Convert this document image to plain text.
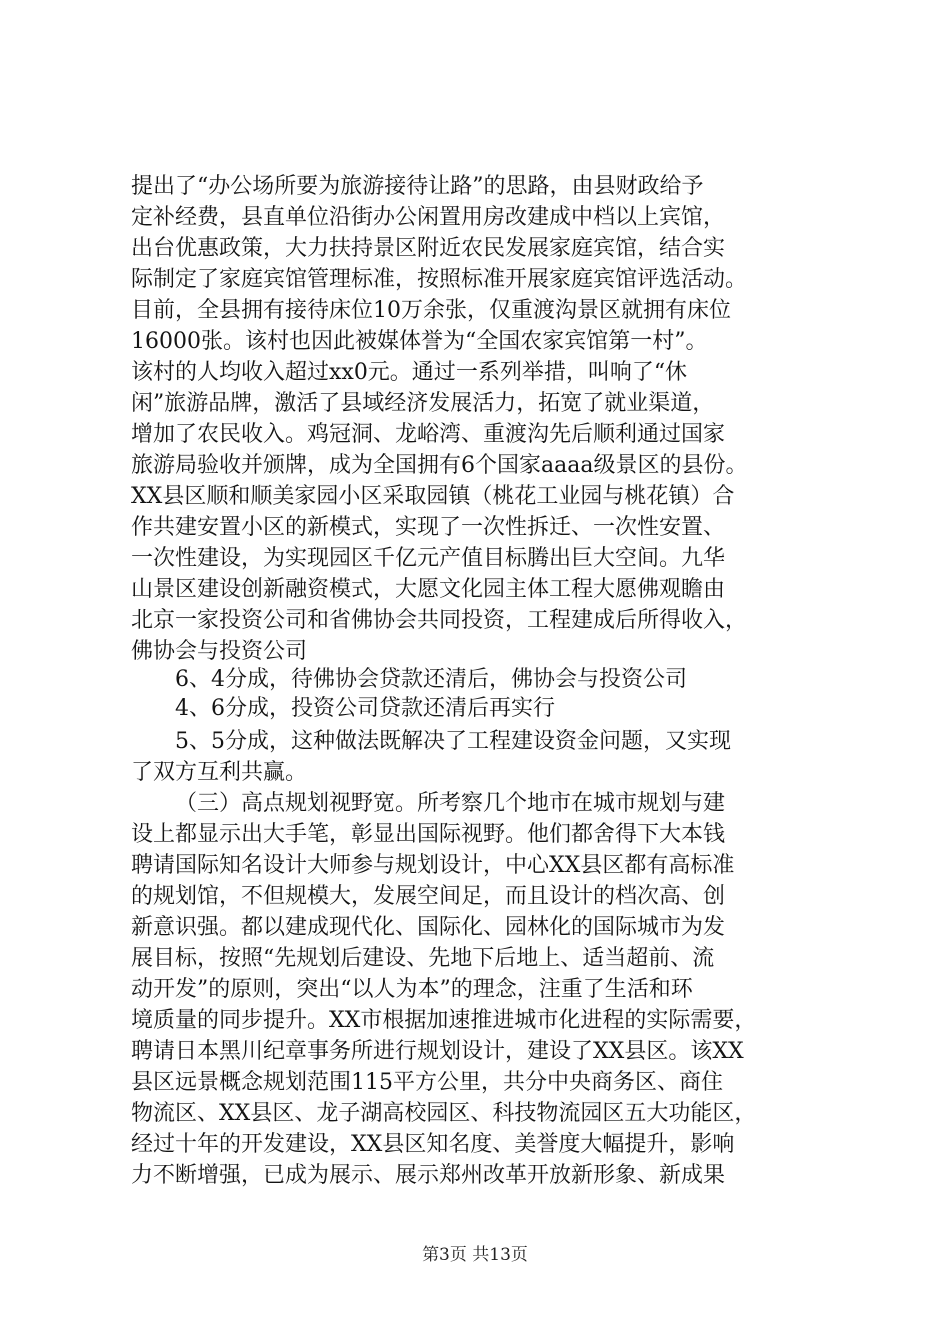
提出了“办公场所要为旅游接待让路”的思路，由县财政给予
定补经费，县直单位沿街办公闲置用房改建成中档以上宾馆，
出台优惠政策，大力扶持景区附近农民发展家庭宾馆，结合实
际制定了家庭宾馆管理标准，按照标准开展家庭宾馆评选活动。
目前，全县拥有接待床位10万余张，仅重渡沟景区就拥有床位
16000张。该村也因此被媒体誉为“全国农家宾馆第一村”。
该村的人均收入超过xx0元。通过一系列举措，叫响了“休
闲”旅游品牌，激活了县域经济发展活力，拓宽了就业渠道，
增加了农民收入。鸡冠洞、龙峪湾、重渡沟先后顺利通过国家
旅游局验收并颁牌，成为全国拥有6个国家aaaa级景区的县份。
XX县区顺和顺美家园小区采取园镇（桃花工业园与桃花镇）合
作共建安置小区的新模式，实现了一次性拆迁、一次性安置、
一次性建设，为实现园区千亿元产值目标腾出巨大空间。九华
山景区建设创新融资模式，大愿文化园主体工程大愿佛观瞻由
北京一家投资公司和省佛协会共同投资，工程建成后所得收入，
佛协会与投资公司
6、4分成，待佛协会贷款还清后，佛协会与投资公司
4、6分成，投资公司贷款还清后再实行
5、5分成，这种做法既解决了工程建设资金问题，又实现
了双方互利共赢。
（三）高点规划视野宽。所考察几个地市在城市规划与建
设上都显示出大手笔，彰显出国际视野。他们都舍得下大本钱
聘请国际知名设计大师参与规划设计，中心XX县区都有高标准
的规划馆，不但规模大，发展空间足，而且设计的档次高、创
新意识强。都以建成现代化、国际化、园林化的国际城市为发
展目标，按照“先规划后建设、先地下后地上、适当超前、流
动开发”的原则，突出“以人为本”的理念，注重了生活和环
境质量的同步提升。XX市根据加速推进城市化进程的实际需要，
聘请日本黑川纪章事务所进行规划设计，建设了XX县区。该XX
县区远景概念规划范围115平方公里，共分中央商务区、商住
物流区、XX县区、龙子湖高校园区、科技物流园区五大功能区，
经过十年的开发建设，XX县区知名度、美誉度大幅提升，影响
力不断增强，已成为展示、展示郑州改革开放新形象、新成果
第3页 共13页
